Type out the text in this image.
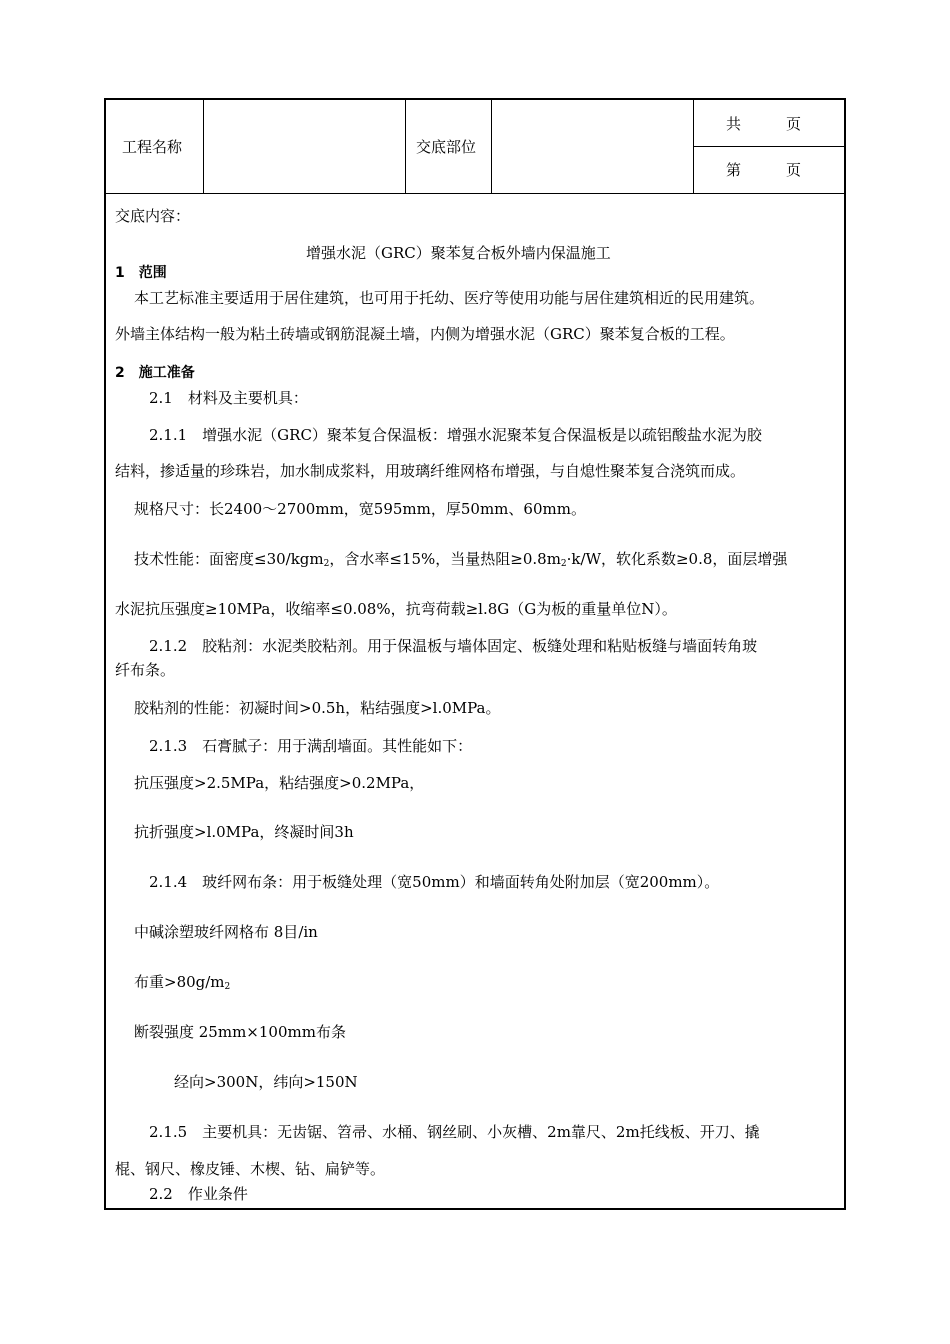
工程名称	交底部位
共　　　页
第　　　页
交底内容：
增强水泥（GRC）聚苯复合板外墙内保温施工
1　范围
本工艺标准主要适用于居住建筑，也可用于托幼、医疗等使用功能与居住建筑相近的民用建筑。
外墙主体结构一般为粘土砖墙或钢筋混凝土墙，内侧为增强水泥（GRC）聚苯复合板的工程。
2　施工准备
2.1　材料及主要机具：
2.1.1　增强水泥（GRC）聚苯复合保温板：增强水泥聚苯复合保温板是以疏铝酸盐水泥为胶
结料，掺适量的珍珠岩，加水制成浆料，用玻璃纤维网格布增强，与自熄性聚苯复合浇筑而成。
规格尺寸：长2400～2700mm，宽595mm，厚50mm、60mm。
技术性能：面密度≤30/kgm$_2$，含水率≤15%，当量热阻$\ge 0.8m_2\cdot k/W$，软化系数≥0.8，面层增强
水泥抗压强度≥10MPa，收缩率≤0.08%，抗弯荷载≥l.8G（G为板的重量单位N）。
2.1.2　胶粘剂：水泥类胶粘剂。用于保温板与墙体固定、板缝处理和粘贴板缝与墙面转角玻
纤布条。
胶粘剂的性能：初凝时间>0.5h，粘结强度>l.0MPa。
2.1.3　石膏腻子：用于满刮墙面。其性能如下：
抗压强度>2.5MPa，粘结强度>0.2MPa，
抗折强度>l.0MPa，终凝时间3h
2.1.4　玻纤网布条：用于板缝处理（宽50mm）和墙面转角处附加层（宽200mm）。
中碱涂塑玻纤网格布 8目/in
布重$>80g/m_2$
断裂强度 25mm×100mm布条
经向>300N，纬向>150N
2.1.5　主要机具：无齿锯、笤帚、水桶、钢丝刷、小灰槽、2m靠尺、2m托线板、开刀、撬
棍、钢尺、橡皮锤、木楔、钻、扁铲等。
2.2　作业条件
